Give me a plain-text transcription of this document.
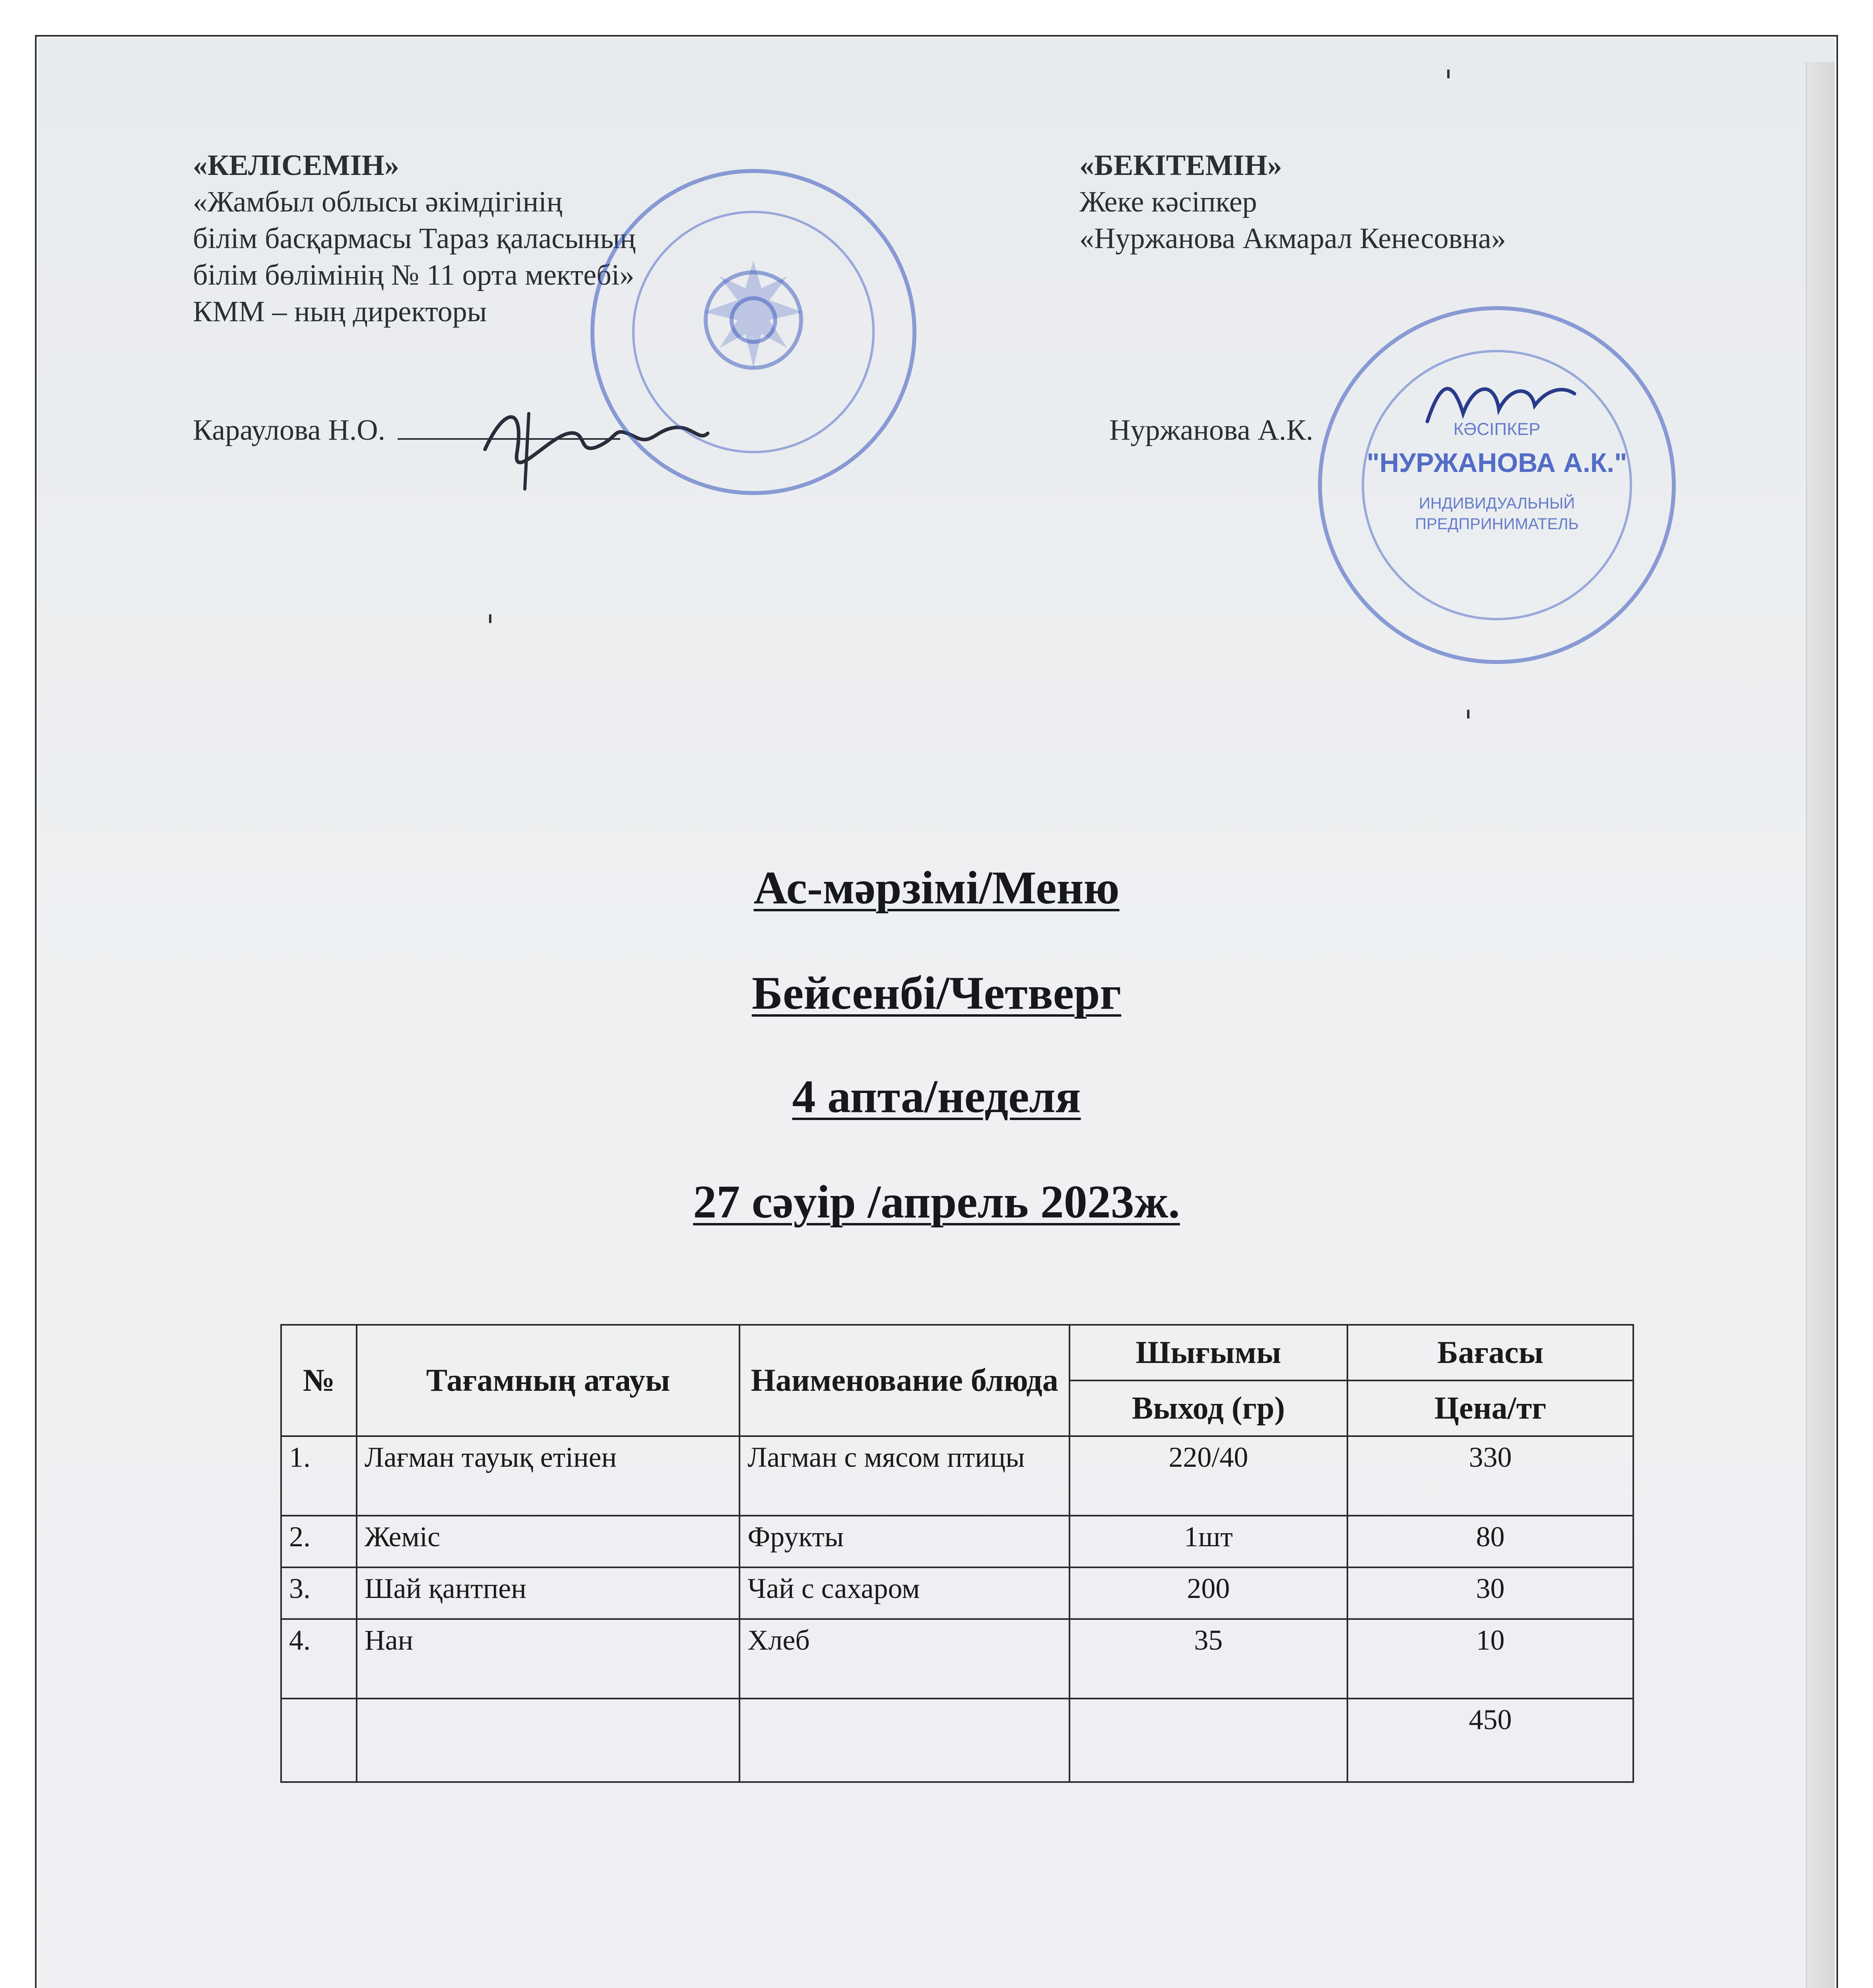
«КЕЛІСЕМІН»
«Жамбыл облысы әкімдігінің
білім басқармасы Тараз қаласының
білім бөлімінің № 11 орта мектебі»
КММ – ның директоры
Караулова Н.О.
«БЕКІТЕМІН»
Жеке кәсіпкер
«Нуржанова Акмарал Кенесовна»
Нуржанова А.К.	КӘСІПКЕР
"НУРЖАНОВА А.К."
ИНДИВИДУАЛЬНЫЙ ПРЕДПРИНИМАТЕЛЬ
Ас-мәрзімі/Меню
Бейсенбі/Четверг
4 апта/неделя
27 сәуір /апрель 2023ж.
№	Тағамның атауы	Наименование блюда	Шығымы	Бағасы
			Выход (гр)	Цена/тг
1.	Лағман тауық етінен	Лагман с мясом птицы	220/40	330
2.	Жеміс	Фрукты	1шт	80
3.	Шай қантпен	Чай с сахаром	200	30
4.	Нан	Хлеб	35	10
				450
